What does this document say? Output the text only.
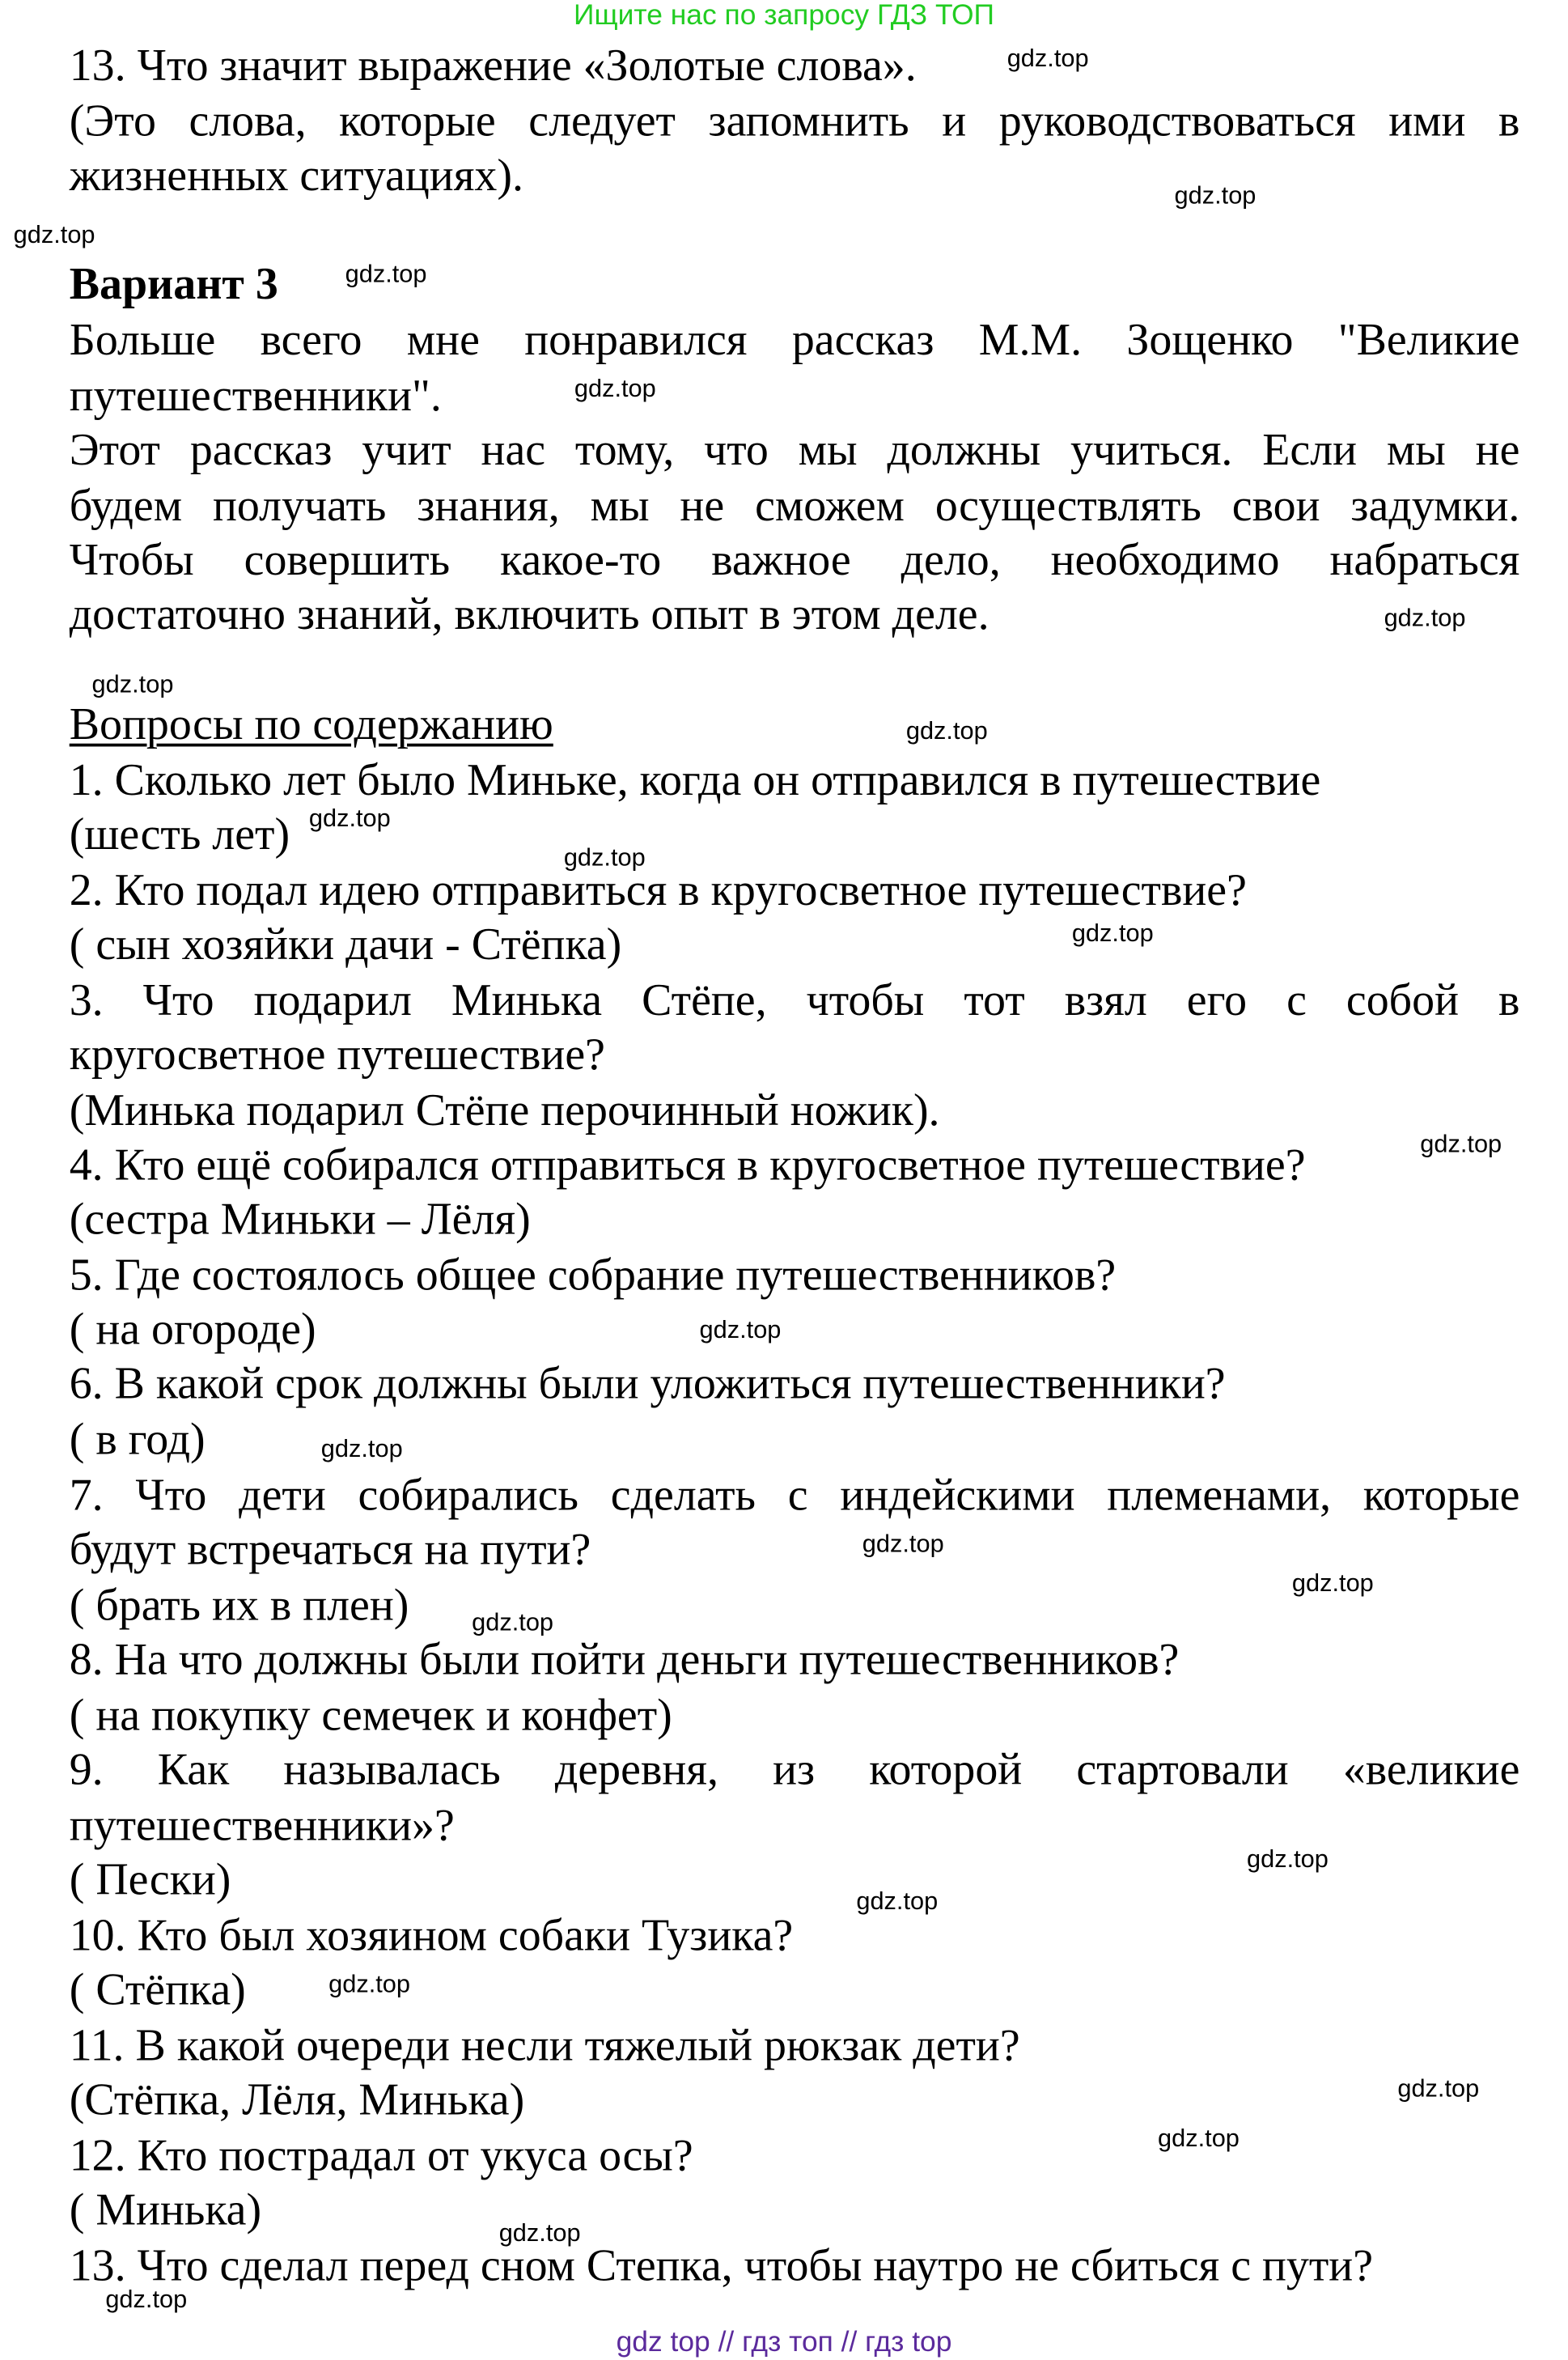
Ищите нас по запросу ГДЗ ТОП
13. Что значит выражение «Золотые слова».
(Это слова, которые следует запомнить и руководствоваться ими в
жизненных ситуациях).
Вариант 3
Больше всего мне понравился рассказ М.М. Зощенко "Великие
путешественники".
Этот рассказ учит нас тому, что мы должны учиться. Если мы не
будем получать знания, мы не сможем осуществлять свои задумки.
Чтобы совершить какое-то важное дело, необходимо набраться
достаточно знаний, включить опыт в этом деле.
Вопросы по содержанию
1. Сколько лет было Миньке, когда он отправился в путешествие
(шесть лет)
2. Кто подал идею отправиться в кругосветное путешествие?
( сын хозяйки дачи - Стёпка)
3. Что подарил Минька Стёпе, чтобы тот взял его с собой в
кругосветное путешествие?
(Минька подарил Стёпе перочинный ножик).
4. Кто ещё собирался отправиться в кругосветное путешествие?
(сестра Миньки – Лёля)
5. Где состоялось общее собрание путешественников?
( на огороде)
6. В какой срок должны были уложиться путешественники?
( в год)
7. Что дети собирались сделать с индейскими племенами, которые
будут встречаться на пути?
( брать их в плен)
8. На что должны были пойти деньги путешественников?
( на покупку семечек и конфет)
9. Как называлась деревня, из которой стартовали «великие
путешественники»?
( Пески)
10. Кто был хозяином собаки Тузика?
( Стёпка)
11. В какой очереди несли тяжелый рюкзак дети?
(Стёпка, Лёля, Минька)
12. Кто пострадал от укуса осы?
( Минька)
13. Что сделал перед сном Степка, чтобы наутро не сбиться с пути?
gdz.top
gdz.top
gdz.top
gdz.top
gdz.top
gdz.top
gdz.top
gdz.top
gdz.top
gdz.top
gdz.top
gdz.top
gdz.top
gdz.top
gdz.top
gdz.top
gdz.top
gdz.top
gdz.top
gdz.top
gdz.top
gdz.top
gdz.top
gdz.top
gdz top // гдз топ // гдз top
